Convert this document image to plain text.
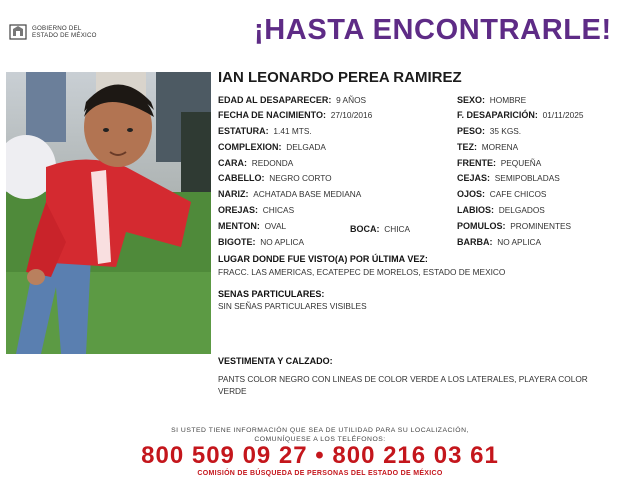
GOBIERNO DEL
ESTADO DE MÉXICO	¡HASTA ENCONTRARLE!
IAN LEONARDO PEREA RAMIREZ
EDAD AL DESAPARECER: 9 AÑOS
FECHA DE NACIMIENTO: 27/10/2016
ESTATURA: 1.41 MTS.
COMPLEXION: DELGADA
CARA: REDONDA
CABELLO: NEGRO CORTO
NARIZ: ACHATADA BASE MEDIANA
OREJAS: CHICAS
MENTON: OVAL	BOCA: CHICA
BIGOTE: NO APLICA
SEXO: HOMBRE
F. DESAPARICIÓN: 01/11/2025
PESO: 35 KGS.
TEZ: MORENA
FRENTE: PEQUEÑA
CEJAS: SEMIPOBLADAS
OJOS: CAFE CHICOS
LABIOS: DELGADOS
POMULOS: PROMINENTES
BARBA: NO APLICA
LUGAR DONDE FUE VISTO(A) POR ÚLTIMA VEZ:
FRACC. LAS AMERICAS, ECATEPEC DE MORELOS, ESTADO DE MEXICO
SENAS PARTICULARES:
SIN SEÑAS PARTICULARES VISIBLES
VESTIMENTA Y CALZADO:
PANTS COLOR NEGRO CON LINEAS DE COLOR VERDE A LOS LATERALES, PLAYERA COLOR VERDE
SI USTED TIENE INFORMACIÓN QUE SEA DE UTILIDAD PARA SU LOCALIZACIÓN,
COMUNÍQUESE A LOS TELÉFONOS:
800 509 09 27 • 800 216 03 61
COMISIÓN DE BÚSQUEDA DE PERSONAS DEL ESTADO DE MÉXICO
